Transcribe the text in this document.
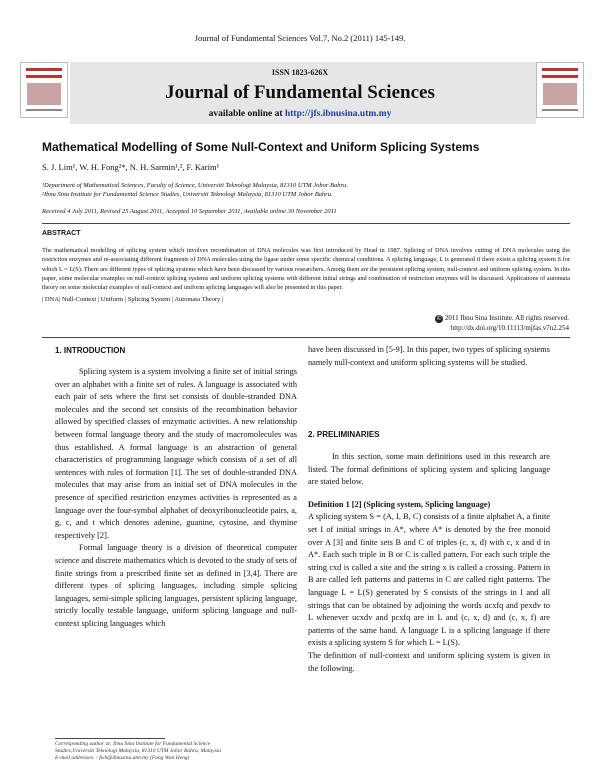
Journal of Fundamental Sciences Vol.7, No.2 (2011) 145-149.
ISSN 1823-626X
Journal of Fundamental Sciences
available online at http://jfs.ibnusina.utm.my
Mathematical Modelling of Some Null-Context and Uniform Splicing Systems
S. J. Lim¹, W. H. Fong²*, N. H. Sarmin¹,², F. Karim¹
¹Department of Mathematical Sciences, Faculty of Science, Universiti Teknologi Malaysia, 81310 UTM Johor Bahru.
²Ibnu Sina Institute for Fundamental Science Studies, Universiti Teknologi Malaysia, 81310 UTM Johor Bahru.
Received 4 July 2011, Revised 25 August 2011, Accepted 10 September 2011, Available online 30 November 2011
ABSTRACT
The mathematical modelling of splicing system which involves recombination of DNA molecules was first introduced by Head in 1987. Splicing of DNA involves cutting of DNA molecules using the restriction enzymes and re-associating different fragments of DNA molecules using the ligase under some specific chemical conditions. A splicing language, L is generated if there exists a splicing system S for which L = L(S). There are different types of splicing systems which have been discussed by various researchers. Among them are the persistent splicing system, null-context and uniform splicing system. In this paper, some molecular examples on null-context splicing systems and uniform splicing systems with different initial strings and combination of restriction enzymes will be discussed. Applications of automata theory on some molecular examples of null-context and uniform splicing languages will also be presented in this paper.
| DNA| Null-Context | Uniform | Splicing System | Automata Theory |
© 2011 Ibnu Sina Institute. All rights reserved.
http://dx.doi.org/10.11113/mjfas.v7n2.254
1. INTRODUCTION

Splicing system is a system involving a finite set of initial strings over an alphabet with a finite set of rules. A language is associated with each pair of sets where the first set consists of double-stranded DNA molecules and the second set consists of the recombination behavior allowed by specified classes of enzymatic activities. A new relationship between formal language theory and the study of macromolecules was thus established. A formal language is an abstraction of general characteristics of programming language which consists of a set of all sentences with rules of formation [1]. The set of double-stranded DNA molecules that may arise from an initial set of DNA molecules in the presence of specified restriction enzymes activities is represented as a language over the four-symbol alphabet of deoxyribonucleotide pairs, a, g, c, and t which denotes adenine, guanine, cytosine, and thymine respectively [2].

Formal language theory is a division of theoretical computer science and discrete mathematics which is devoted to the study of sets of finite strings from a prescribed finite set as defined in [3,4]. There are different types of splicing languages, including simple splicing languages, semi-simple splicing languages, persistent splicing language, strictly locally testable language, uniform splicing language and null-context splicing languages which

have been discussed in [5-9]. In this paper, two types of splicing systems namely null-context and uniform splicing systems will be studied.

2. PRELIMINARIES

In this section, some main definitions used in this research are listed. The formal definitions of splicing system and splicing language are stated below.

Definition 1 [2] (Splicing system, Splicing language)

A splicing system S = (A, I, B, C) consists of a finite alphabet A, a finite set I of initial strings in A*, where A* is denoted by the free monoid over A [3] and finite sets B and C of triples (c, x, d) with c, x and d in A*. Each such triple in B or C is called pattern. For each such triple the string cxd is called a site and the string x is called a crossing. Pattern in B are called left patterns and patterns in C are called right patterns. The language L = L(S) generated by S consists of the strings in I and all strings that can be obtained by adjoining the words ucxfq and pexdv to L whenever ucxdv and pcxfq are in L and (c, x, d) and (c, x, f) are patterns of the same hand. A language L is a splicing language if there exists a splicing system S for which L = L(S).

The definition of null-context and uniform splicing system is given in the following.

Corresponding author at: Ibnu Sina Institute for Fundamental Science
Studies,Universiti Teknologi Malaysia, 81310 UTM Johor Bahru, Malaysia
E-mail addresses: : fwh@ibnusina.utm.my (Fong Wan Heng)
